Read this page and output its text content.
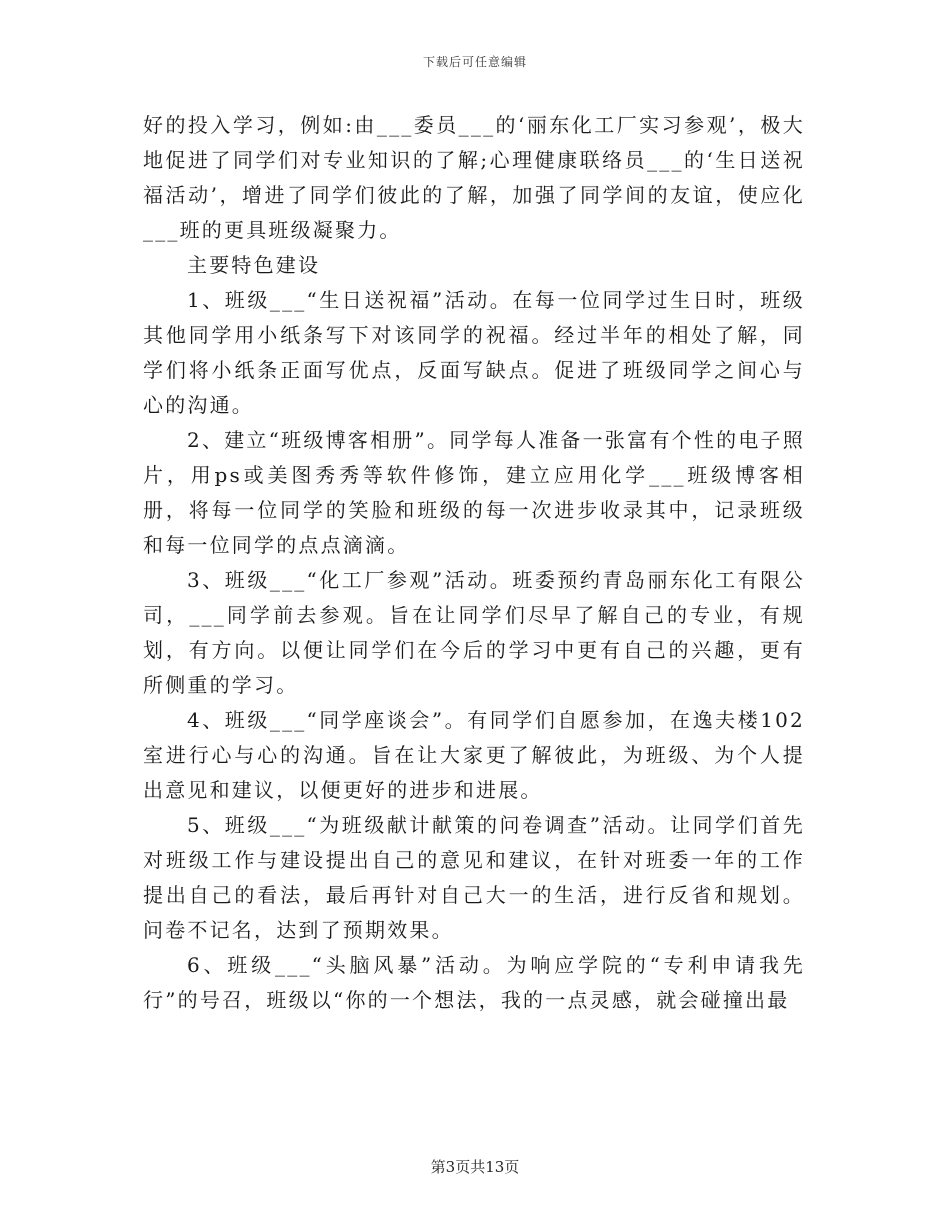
下载后可任意编辑

好的投入学习，例如:由___委员___的‘丽东化工厂实习参观’，极大地促进了同学们对专业知识的了解;心理健康联络员___的‘生日送祝福活动’，增进了同学们彼此的了解，加强了同学间的友谊，使应化___班的更具班级凝聚力。

主要特色建设

1、班级___“生日送祝福”活动。在每一位同学过生日时，班级其他同学用小纸条写下对该同学的祝福。经过半年的相处了解，同学们将小纸条正面写优点，反面写缺点。促进了班级同学之间心与心的沟通。

2、建立“班级博客相册”。同学每人准备一张富有个性的电子照片，用ps或美图秀秀等软件修饰，建立应用化学___班级博客相册，将每一位同学的笑脸和班级的每一次进步收录其中，记录班级和每一位同学的点点滴滴。

3、班级___“化工厂参观”活动。班委预约青岛丽东化工有限公司，___同学前去参观。旨在让同学们尽早了解自己的专业，有规划，有方向。以便让同学们在今后的学习中更有自己的兴趣，更有所侧重的学习。

4、班级___“同学座谈会”。有同学们自愿参加，在逸夫楼102室进行心与心的沟通。旨在让大家更了解彼此，为班级、为个人提出意见和建议，以便更好的进步和进展。

5、班级___“为班级献计献策的问卷调查”活动。让同学们首先对班级工作与建设提出自己的意见和建议，在针对班委一年的工作提出自己的看法，最后再针对自己大一的生活，进行反省和规划。问卷不记名，达到了预期效果。

6、班级___“头脑风暴”活动。为响应学院的“专利申请我先行”的号召，班级以“你的一个想法，我的一点灵感，就会碰撞出最

第3页共13页
